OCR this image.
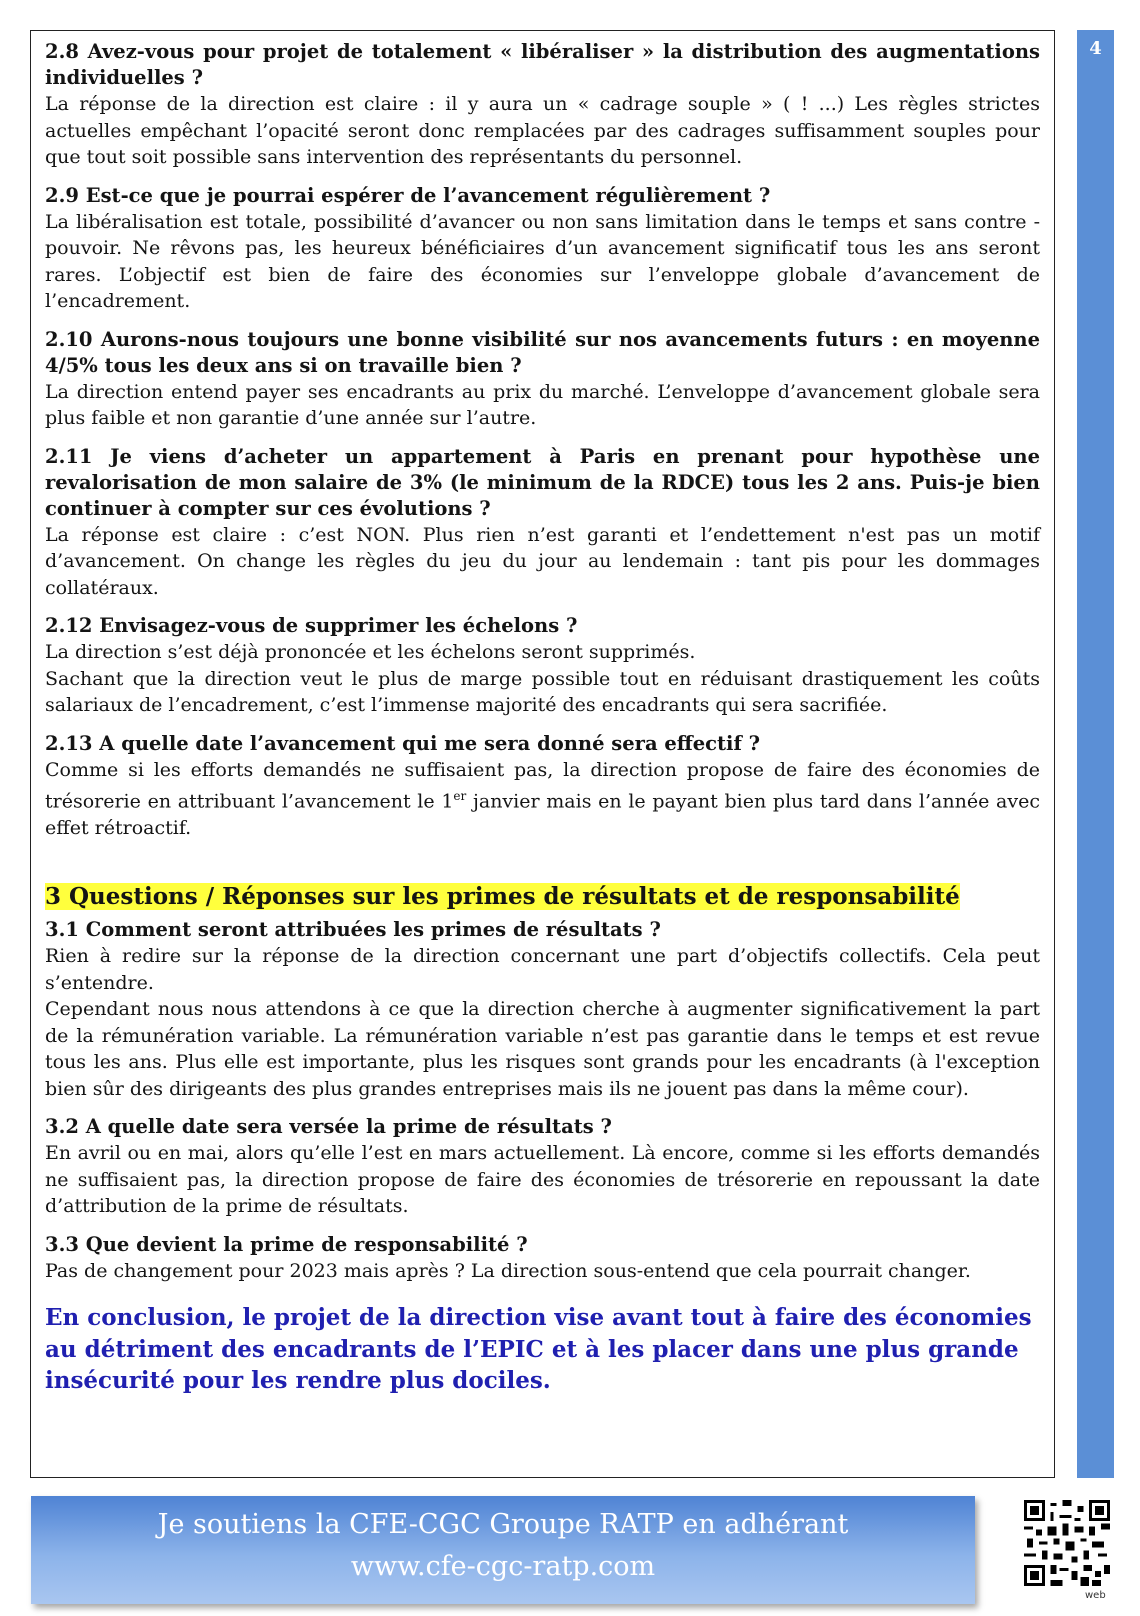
2.8 Avez-vous pour projet de totalement « libéraliser » la distribution des augmentations individuelles ?

La réponse de la direction est claire : il y aura un « cadrage souple » ( ! ...) Les règles strictes actuelles empêchant l’opacité seront donc remplacées par des cadrages suffisamment souples pour que tout soit possible sans intervention des représentants du personnel.

2.9 Est-ce que je pourrai espérer de l’avancement régulièrement ?

La libéralisation est totale, possibilité d’avancer ou non sans limitation dans le temps et sans contre - pouvoir. Ne rêvons pas, les heureux bénéficiaires d’un avancement significatif tous les ans seront rares. L’objectif est bien de faire des économies sur l’enveloppe globale d’avancement de l’encadrement.

2.10 Aurons-nous toujours une bonne visibilité sur nos avancements futurs : en moyenne 4/5% tous les deux ans si on travaille bien ?

La direction entend payer ses encadrants au prix du marché. L’enveloppe d’avancement globale sera plus faible et non garantie d’une année sur l’autre.

2.11 Je viens d’acheter un appartement à Paris en prenant pour hypothèse une revalorisation de mon salaire de 3% (le minimum de la RDCE) tous les 2 ans. Puis-je bien continuer à compter sur ces évolutions ?

La réponse est claire : c’est NON. Plus rien n’est garanti et l’endettement n'est pas un motif d’avancement. On change les règles du jeu du jour au lendemain : tant pis pour les dommages collatéraux.

2.12 Envisagez-vous de supprimer les échelons ?

La direction s’est déjà prononcée et les échelons seront supprimés.

Sachant que la direction veut le plus de marge possible tout en réduisant drastiquement les coûts salariaux de l’encadrement, c’est l’immense majorité des encadrants qui sera sacrifiée.

2.13 A quelle date l’avancement qui me sera donné sera effectif ?

Comme si les efforts demandés ne suffisaient pas, la direction propose de faire des économies de trésorerie en attribuant l’avancement le 1er janvier mais en le payant bien plus tard dans l’année avec effet rétroactif.

3 Questions / Réponses sur les primes de résultats et de responsabilité

3.1 Comment seront attribuées les primes de résultats ?

Rien à redire sur la réponse de la direction concernant une part d’objectifs collectifs. Cela peut s’entendre.

Cependant nous nous attendons à ce que la direction cherche à augmenter significativement la part de la rémunération variable. La rémunération variable n’est pas garantie dans le temps et est revue tous les ans. Plus elle est importante, plus les risques sont grands pour les encadrants (à l'exception bien sûr des dirigeants des plus grandes entreprises mais ils ne jouent pas dans la même cour).

3.2 A quelle date sera versée la prime de résultats ?

En avril ou en mai, alors qu’elle l’est en mars actuellement. Là encore, comme si les efforts demandés ne suffisaient pas, la direction propose de faire des économies de trésorerie en repoussant la date d’attribution de la prime de résultats.

3.3 Que devient la prime de responsabilité ?

Pas de changement pour 2023 mais après ? La direction sous-entend que cela pourrait changer.

En conclusion, le projet de la direction vise avant tout à faire des économies au détriment des encadrants de l’EPIC et à les placer dans une plus grande insécurité pour les rendre plus dociles.
4
Je soutiens la CFE-CGC Groupe RATP en adhérant
www.cfe-cgc-ratp.com
web
